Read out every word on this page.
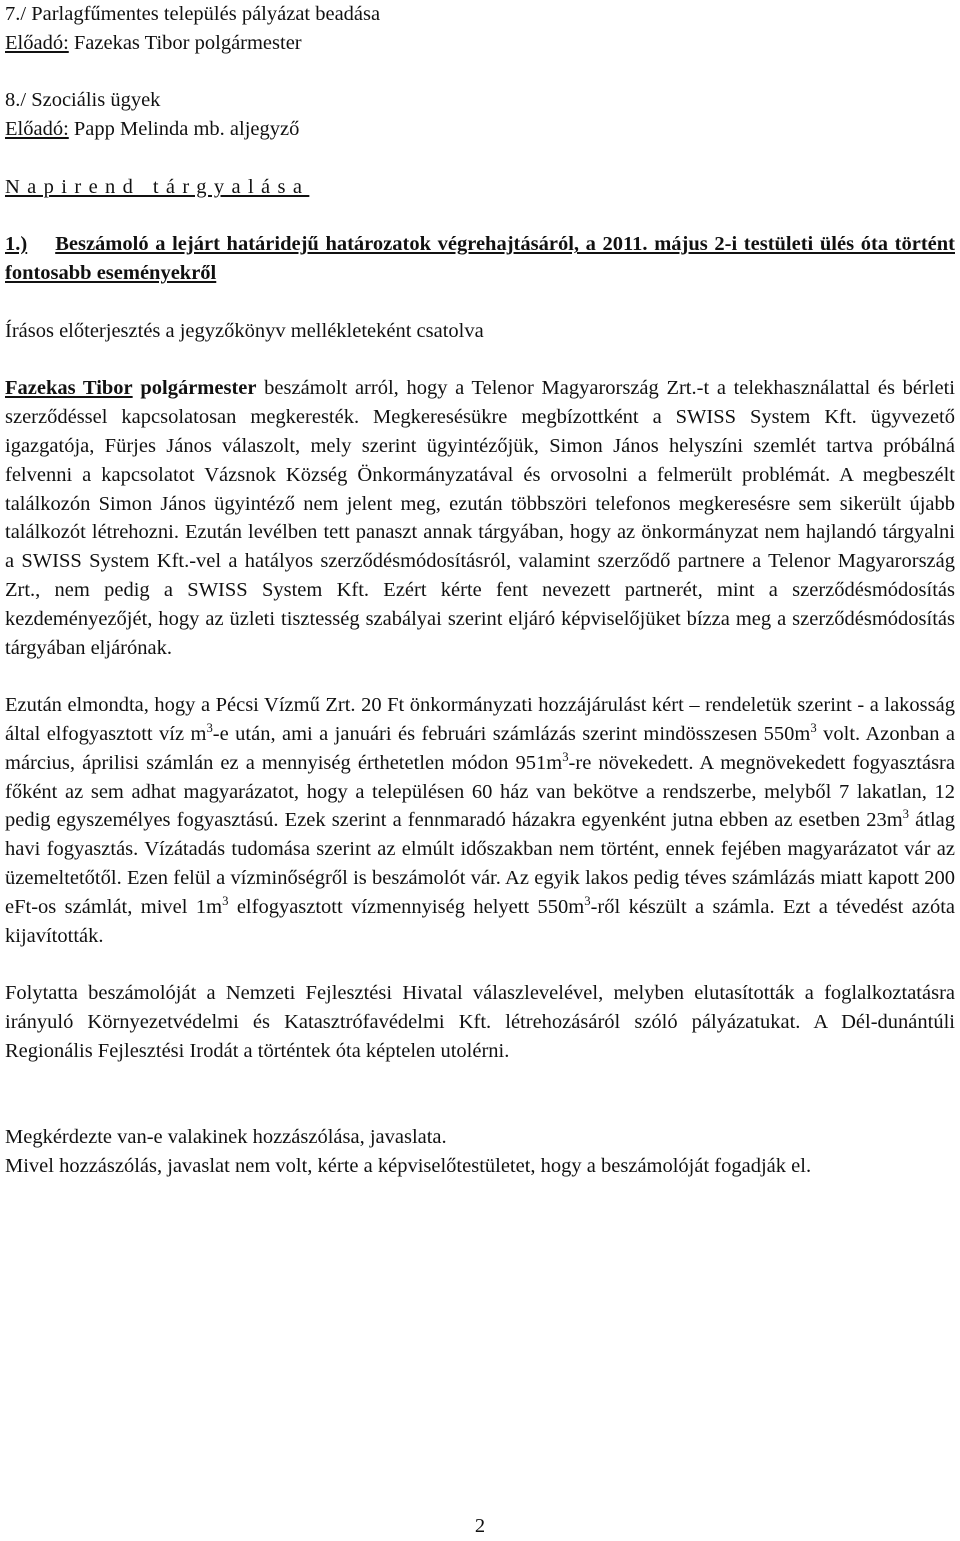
7./ Parlagfűmentes település pályázat beadása

Előadó: Fazekas Tibor polgármester

8./ Szociális ügyek

Előadó: Papp Melinda mb. aljegyző

Napirend tárgyalása

1.) Beszámoló a lejárt határidejű határozatok végrehajtásáról, a 2011. május 2-i testületi ülés óta történt fontosabb eseményekről

Írásos előterjesztés a jegyzőkönyv mellékleteként csatolva

Fazekas Tibor polgármester beszámolt arról, hogy a Telenor Magyarország Zrt.-t a telekhasználattal és bérleti szerződéssel kapcsolatosan megkeresték. Megkeresésükre megbízottként a SWISS System Kft. ügyvezető igazgatója, Fürjes János válaszolt, mely szerint ügyintézőjük, Simon János helyszíni szemlét tartva próbálná felvenni a kapcsolatot Vázsnok Község Önkormányzatával és orvosolni a felmerült problémát. A megbeszélt találkozón Simon János ügyintéző nem jelent meg, ezután többszöri telefonos megkeresésre sem sikerült újabb találkozót létrehozni. Ezután levélben tett panaszt annak tárgyában, hogy az önkormányzat nem hajlandó tárgyalni a SWISS System Kft.-vel a hatályos szerződésmódosításról, valamint szerződő partnere a Telenor Magyarország Zrt., nem pedig a SWISS System Kft. Ezért kérte fent nevezett partnerét, mint a szerződésmódosítás kezdeményezőjét, hogy az üzleti tisztesség szabályai szerint eljáró képviselőjüket bízza meg a szerződésmódosítás tárgyában eljárónak.

Ezután elmondta, hogy a Pécsi Vízmű Zrt. 20 Ft önkormányzati hozzájárulást kért – rendeletük szerint - a lakosság által elfogyasztott víz $m^3-e$ után, ami a januári és februári számlázás szerint mindösszesen $550m^3$ volt. Azonban a március, áprilisi számlán ez a mennyiség érthetetlen módon $951m^3-re$ növekedett. A megnövekedett fogyasztásra főként az sem adhat magyarázatot, hogy a településen 60 ház van bekötve a rendszerbe, melyből 7 lakatlan, 12 pedig egyszemélyes fogyasztású. Ezek szerint a fennmaradó házakra egyenként jutna ebben az esetben $23m^3$ átlag havi fogyasztás. Vízátadás tudomása szerint az elmúlt időszakban nem történt, ennek fejében magyarázatot vár az üzemeltetőtől. Ezen felül a vízminőségről is beszámolót vár. Az egyik lakos pedig téves számlázás miatt kapott 200 eFt-os számlát, mivel $1m^3$ elfogyasztott vízmennyiség helyett $550m^3$-ről készült a számla. Ezt a tévedést azóta kijavították.

Folytatta beszámolóját a Nemzeti Fejlesztési Hivatal válaszlevelével, melyben elutasították a foglalkoztatásra irányuló Környezetvédelmi és Katasztrófavédelmi Kft. létrehozásáról szóló pályázatukat. A Dél-dunántúli Regionális Fejlesztési Irodát a történtek óta képtelen utolérni.

Megkérdezte van-e valakinek hozzászólása, javaslata.

Mivel hozzászólás, javaslat nem volt, kérte a képviselőtestületet, hogy a beszámolóját fogadják el.

2
